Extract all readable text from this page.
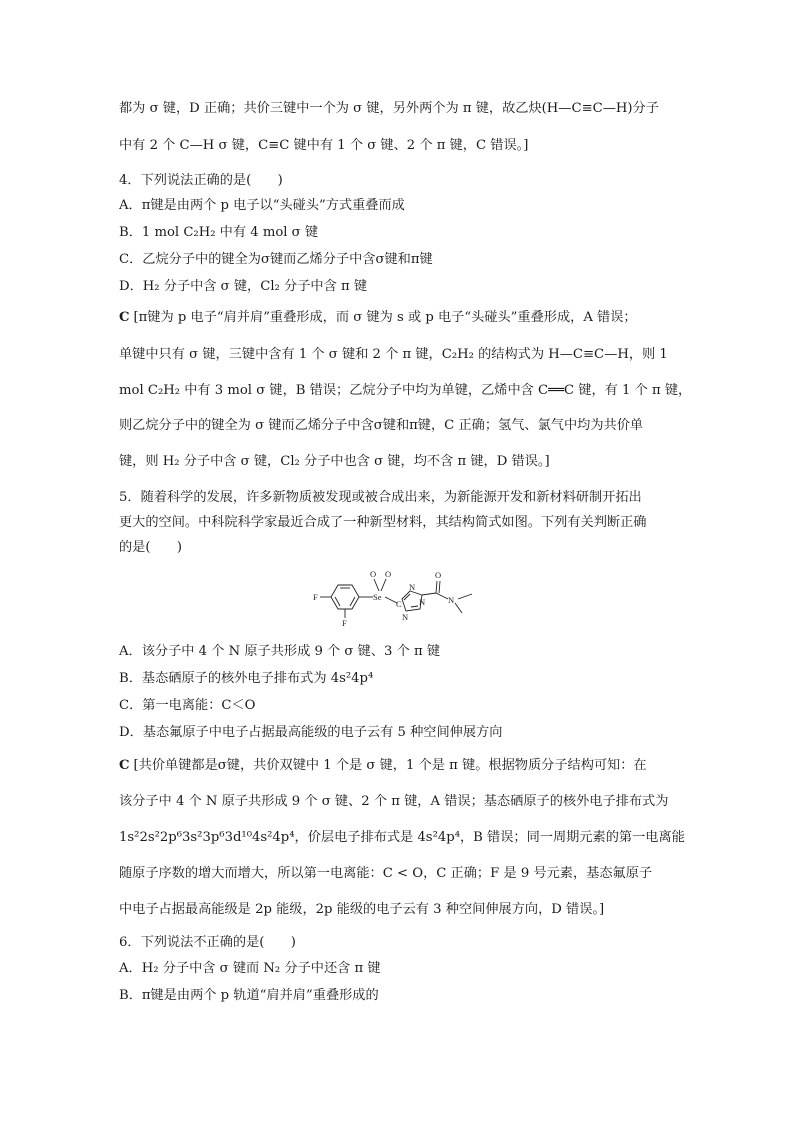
都为 σ 键，D 正确；共价三键中一个为 σ 键，另外两个为 π 键，故乙炔(H—C≡C—H)分子
中有 2 个 C—H σ 键，C≡C 键中有 1 个 σ 键、2 个 π 键，C 错误。]
4．下列说法正确的是(　　)
A．π键是由两个 p 电子以“头碰头”方式重叠而成
B．1 mol C₂H₂ 中有 4 mol σ 键
C．乙烷分子中的键全为σ键而乙烯分子中含σ键和π键
D．H₂ 分子中含 σ 键，Cl₂ 分子中含 π 键
C [π键为 p 电子“肩并肩”重叠形成，而 σ 键为 s 或 p 电子“头碰头”重叠形成，A 错误；
单键中只有 σ 键，三键中含有 1 个 σ 键和 2 个 π 键，C₂H₂ 的结构式为 H—C≡C—H，则 1
mol C₂H₂ 中有 3 mol σ 键，B 错误；乙烷分子中均为单键，乙烯中含 C══C 键，有 1 个 π 键，
则乙烷分子中的键全为 σ 键而乙烯分子中含σ键和π键，C 正确；氢气、氯气中均为共价单
键，则 H₂ 分子中含 σ 键，Cl₂ 分子中也含 σ 键，均不含 π 键，D 错误。]
5．随着科学的发展，许多新物质被发现或被合成出来，为新能源开发和新材料研制开拓出
更大的空间。中科院科学家最近合成了一种新型材料，其结构简式如图。下列有关判断正确
的是(　　)
F
F
O O
Se
C
N
N
N
N
O
A．该分子中 4 个 N 原子共形成 9 个 σ 键、3 个 π 键
B．基态硒原子的核外电子排布式为 4s²4p⁴
C．第一电离能：C＜O
D．基态氟原子中电子占据最高能级的电子云有 5 种空间伸展方向
C [共价单键都是σ键，共价双键中 1 个是 σ 键，1 个是 π 键。根据物质分子结构可知：在
该分子中 4 个 N 原子共形成 9 个 σ 键、2 个 π 键，A 错误；基态硒原子的核外电子排布式为
1s²2s²2p⁶3s²3p⁶3d¹⁰4s²4p⁴，价层电子排布式是 4s²4p⁴，B 错误；同一周期元素的第一电离能
随原子序数的增大而增大，所以第一电离能：C < O，C 正确；F 是 9 号元素，基态氟原子
中电子占据最高能级是 2p 能级，2p 能级的电子云有 3 种空间伸展方向，D 错误。]
6．下列说法不正确的是(　　)
A．H₂ 分子中含 σ 键而 N₂ 分子中还含 π 键
B．π键是由两个 p 轨道“肩并肩”重叠形成的
